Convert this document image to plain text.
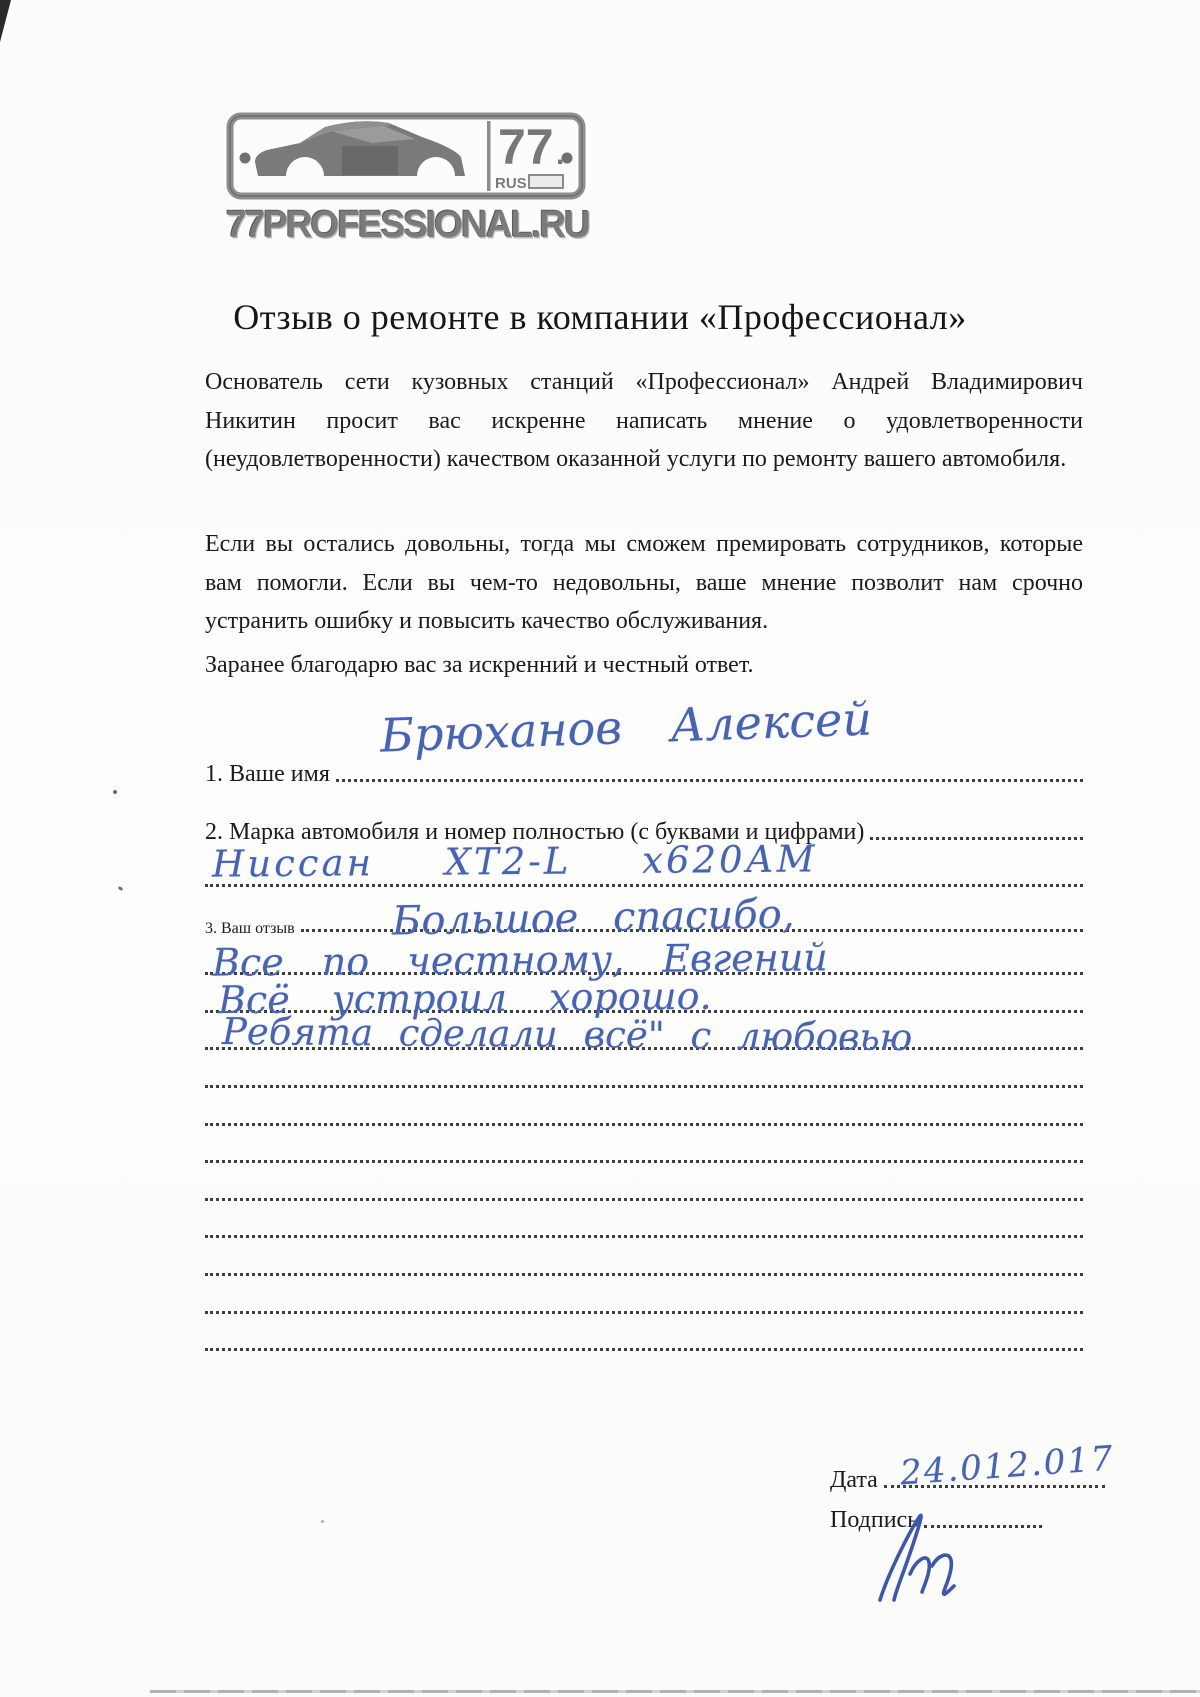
77 .
RUS
77PROFESSIONAL.RU
Отзыв о ремонте в компании «Профессионал»

Основатель сети кузовных станций «Профессионал» Андрей Владимирович Никитин просит вас искренне написать мнение о удовлетворенности (неудовлетворенности) качеством оказанной услуги по ремонту вашего автомобиля.

Если вы остались довольны, тогда мы сможем премировать сотрудников, которые вам помогли. Если вы чем-то недовольны, ваше мнение позволит нам срочно устранить ошибку и повысить качество обслуживания.

Заранее благодарю вас за искренний и честный ответ.

1. Ваше имя
Брюханов Алексей
2. Марка автомобиля и номер полностью (с буквами и цифрами)
Ниссан ХТ2-L х620АМ
3. Ваш отзыв Большое спасибо,
Все по честному, Евгений
Всё устроил хорошо.
Ребята сделали всё" с любовью
Дата 24.012.017
Подпись
